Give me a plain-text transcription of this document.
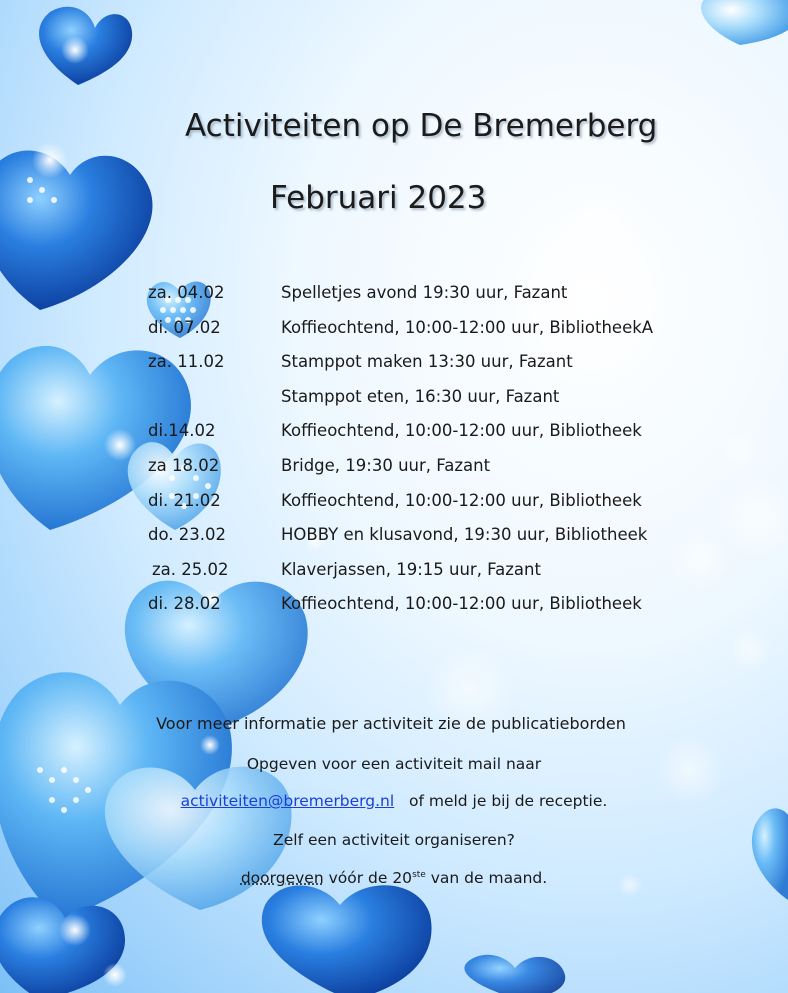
Activiteiten op De Bremerberg
Februari 2023
za. 04.02	Spelletjes avond 19:30 uur, Fazant
di. 07.02	Koffieochtend, 10:00-12:00 uur, BibliotheekA
za. 11.02	Stamppot maken 13:30 uur, Fazant
Stamppot eten, 16:30 uur, Fazant
di.14.02	Koffieochtend, 10:00-12:00 uur, Bibliotheek
za 18.02	Bridge, 19:30 uur, Fazant
di. 21.02	Koffieochtend, 10:00-12:00 uur, Bibliotheek
do. 23.02	HOBBY en klusavond, 19:30 uur, Bibliotheek
za. 25.02	Klaverjassen, 19:15 uur, Fazant
di. 28.02	Koffieochtend, 10:00-12:00 uur, Bibliotheek

Voor meer informatie per activiteit zie de publicatieborden

Opgeven voor een activiteit mail naar

activiteiten@bremerberg.nl of meld je bij de receptie.

Zelf een activiteit organiseren?

doorgeven vóór de 20ste van de maand.
